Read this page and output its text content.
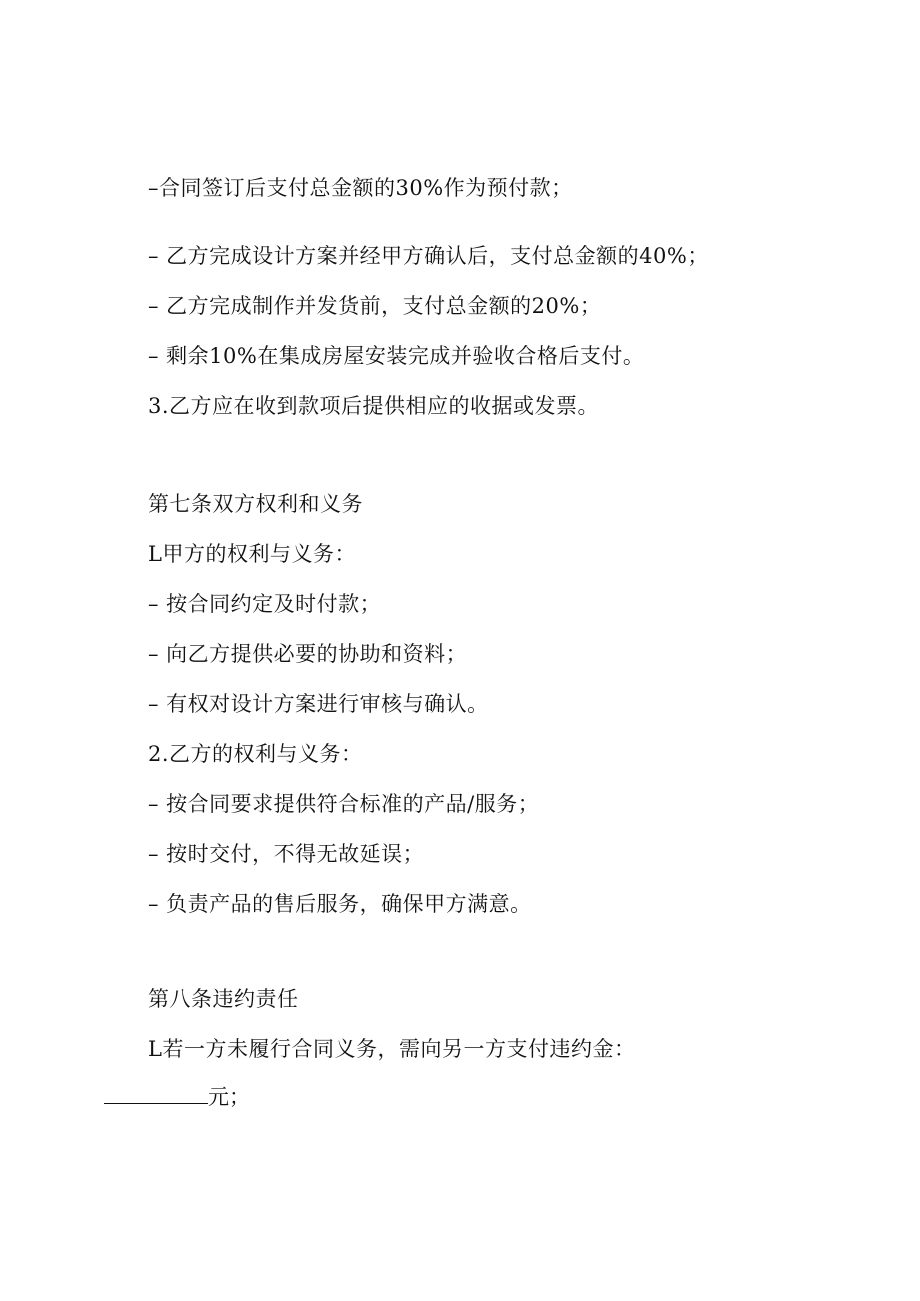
–合同签订后支付总金额的30%作为预付款；
– 乙方完成设计方案并经甲方确认后，支付总金额的40%；
– 乙方完成制作并发货前，支付总金额的20%；
– 剩余10%在集成房屋安装完成并验收合格后支付。
3.乙方应在收到款项后提供相应的收据或发票。
第七条双方权利和义务
L甲方的权利与义务：
– 按合同约定及时付款；
– 向乙方提供必要的协助和资料；
– 有权对设计方案进行审核与确认。
2.乙方的权利与义务：
– 按合同要求提供符合标准的产品/服务；
– 按时交付，不得无故延误；
– 负责产品的售后服务，确保甲方满意。
第八条违约责任
L若一方未履行合同义务，需向另一方支付违约金：
元；
